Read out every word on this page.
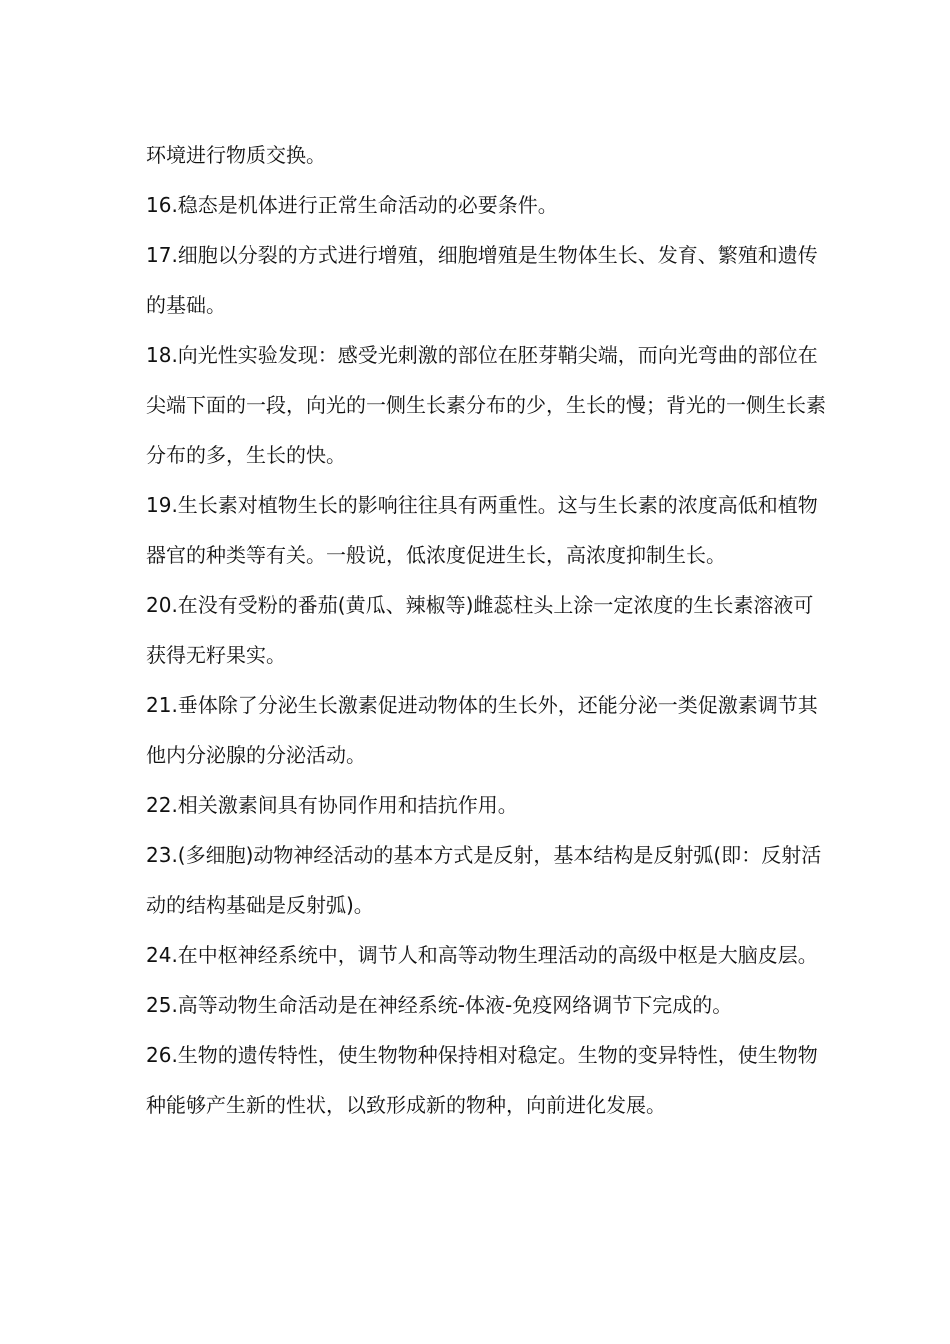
环境进行物质交换。

16.稳态是机体进行正常生命活动的必要条件。

17.细胞以分裂的方式进行增殖，细胞增殖是生物体生长、发育、繁殖和遗传的基础。

18.向光性实验发现：感受光刺激的部位在胚芽鞘尖端，而向光弯曲的部位在尖端下面的一段，向光的一侧生长素分布的少，生长的慢；背光的一侧生长素分布的多，生长的快。

19.生长素对植物生长的影响往往具有两重性。这与生长素的浓度高低和植物器官的种类等有关。一般说，低浓度促进生长，高浓度抑制生长。

20.在没有受粉的番茄(黄瓜、辣椒等)雌蕊柱头上涂一定浓度的生长素溶液可获得无籽果实。

21.垂体除了分泌生长激素促进动物体的生长外，还能分泌一类促激素调节其他内分泌腺的分泌活动。

22.相关激素间具有协同作用和拮抗作用。

23.(多细胞)动物神经活动的基本方式是反射，基本结构是反射弧(即：反射活动的结构基础是反射弧)。

24.在中枢神经系统中，调节人和高等动物生理活动的高级中枢是大脑皮层。

25.高等动物生命活动是在神经系统-体液-免疫网络调节下完成的。

26.生物的遗传特性，使生物物种保持相对稳定。生物的变异特性，使生物物种能够产生新的性状，以致形成新的物种，向前进化发展。
